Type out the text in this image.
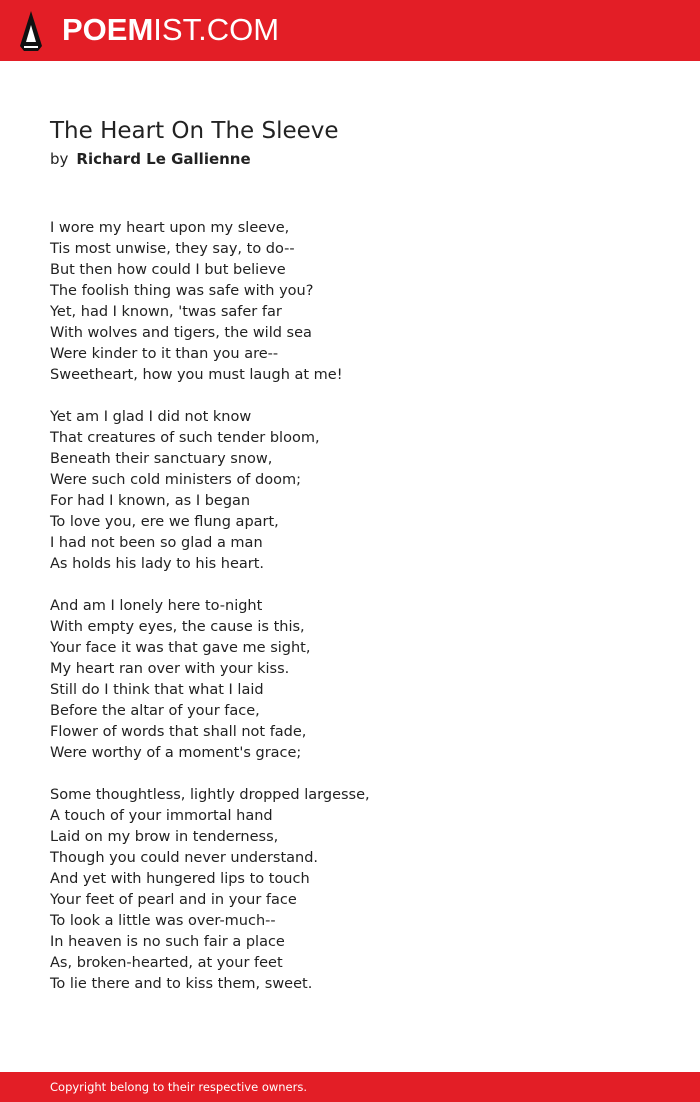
POEMIST.COM
The Heart On The Sleeve
by Richard Le Gallienne
I wore my heart upon my sleeve,
Tis most unwise, they say, to do--
But then how could I but believe
The foolish thing was safe with you?
Yet, had I known, 'twas safer far
With wolves and tigers, the wild sea
Were kinder to it than you are--
Sweetheart, how you must laugh at me!
Yet am I glad I did not know
That creatures of such tender bloom,
Beneath their sanctuary snow,
Were such cold ministers of doom;
For had I known, as I began
To love you, ere we flung apart,
I had not been so glad a man
As holds his lady to his heart.
And am I lonely here to-night
With empty eyes, the cause is this,
Your face it was that gave me sight,
My heart ran over with your kiss.
Still do I think that what I laid
Before the altar of your face,
Flower of words that shall not fade,
Were worthy of a moment's grace;
Some thoughtless, lightly dropped largesse,
A touch of your immortal hand
Laid on my brow in tenderness,
Though you could never understand.
And yet with hungered lips to touch
Your feet of pearl and in your face
To look a little was over-much--
In heaven is no such fair a place
As, broken-hearted, at your feet
To lie there and to kiss them, sweet.
Copyright belong to their respective owners.
